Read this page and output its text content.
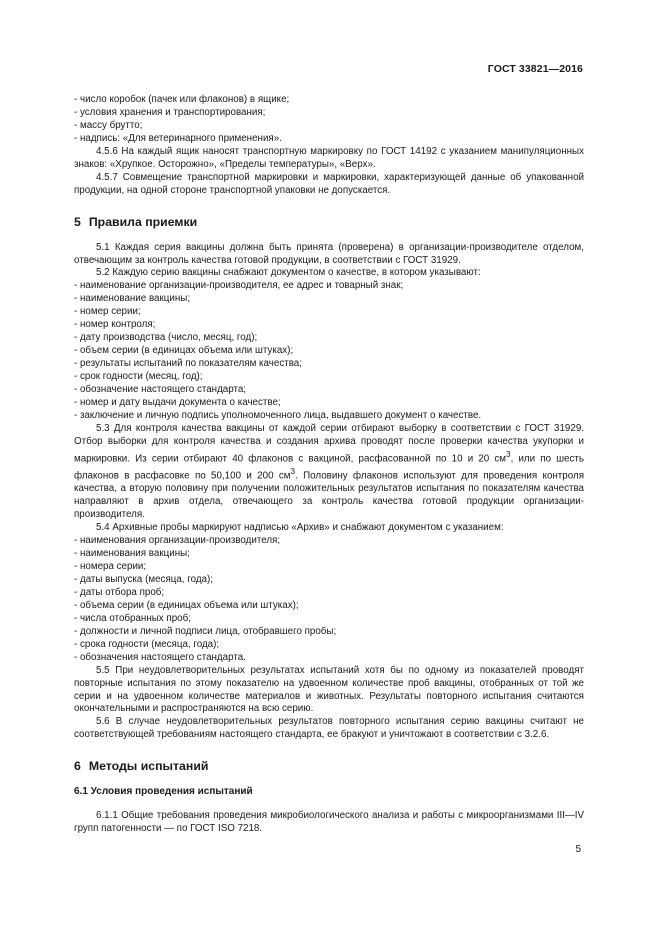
ГОСТ 33821—2016

- число коробок (пачек или флаконов) в ящике;

- условия хранения и транспортирования;

- массу брутто;

- надпись: «Для ветеринарного применения».

4.5.6 На каждый ящик наносят транспортную маркировку по ГОСТ 14192 с указанием манипуляционных знаков: «Хрупкое. Осторожно», «Пределы температуры», «Верх».

4.5.7 Совмещение транспортной маркировки и маркировки, характеризующей данные об упакованной продукции, на одной стороне транспортной упаковки не допускается.

5 Правила приемки

5.1 Каждая серия вакцины должна быть принята (проверена) в организации-производителе отделом, отвечающим за контроль качества готовой продукции, в соответствии с ГОСТ 31929.

5.2 Каждую серию вакцины снабжают документом о качестве, в котором указывают:

- наименование организации-производителя, ее адрес и товарный знак;

- наименование вакцины;

- номер серии;

- номер контроля;

- дату производства (число, месяц, год);

- объем серии (в единицах объема или штуках);

- результаты испытаний по показателям качества;

- срок годности (месяц, год);

- обозначение настоящего стандарта;

- номер и дату выдачи документа о качестве;

- заключение и личную подпись уполномоченного лица, выдавшего документ о качестве.

5.3 Для контроля качества вакцины от каждой серии отбирают выборку в соответствии с ГОСТ 31929. Отбор выборки для контроля качества и создания архива проводят после проверки качества укупорки и маркировки. Из серии отбирают 40 флаконов с вакциной, расфасованной по 10 и 20 $см^3$, или по шесть флаконов в расфасовке по 50,100 и 200 $см^3$. Половину флаконов используют для проведения контроля качества, а вторую половину при получении положительных результатов испытания по показателям качества направляют в архив отдела, отвечающего за контроль качества готовой продукции организации-производителя.

5.4 Архивные пробы маркируют надписью «Архив» и снабжают документом с указанием:

- наименования организации-производителя;

- наименования вакцины;

- номера серии;

- даты выпуска (месяца, года);

- даты отбора проб;

- объема серии (в единицах объема или штуках);

- числа отобранных проб;

- должности и личной подписи лица, отобравшего пробы;

- срока годности (месяца, года);

- обозначения настоящего стандарта.

5.5 При неудовлетворительных результатах испытаний хотя бы по одному из показателей проводят повторные испытания по этому показателю на удвоенном количестве проб вакцины, отобранных от той же серии и на удвоенном количестве материалов и животных. Результаты повторного испытания считаются окончательными и распространяются на всю серию.

5.6 В случае неудовлетворительных результатов повторного испытания серию вакцины считают не соответствующей требованиям настоящего стандарта, ее бракуют и уничтожают в соответствии с 3.2.6.

6 Методы испытаний

6.1 Условия проведения испытаний

6.1.1 Общие требования проведения микробиологического анализа и работы с микроорганизмами III—IV групп патогенности — по ГОСТ ISO 7218.

5
